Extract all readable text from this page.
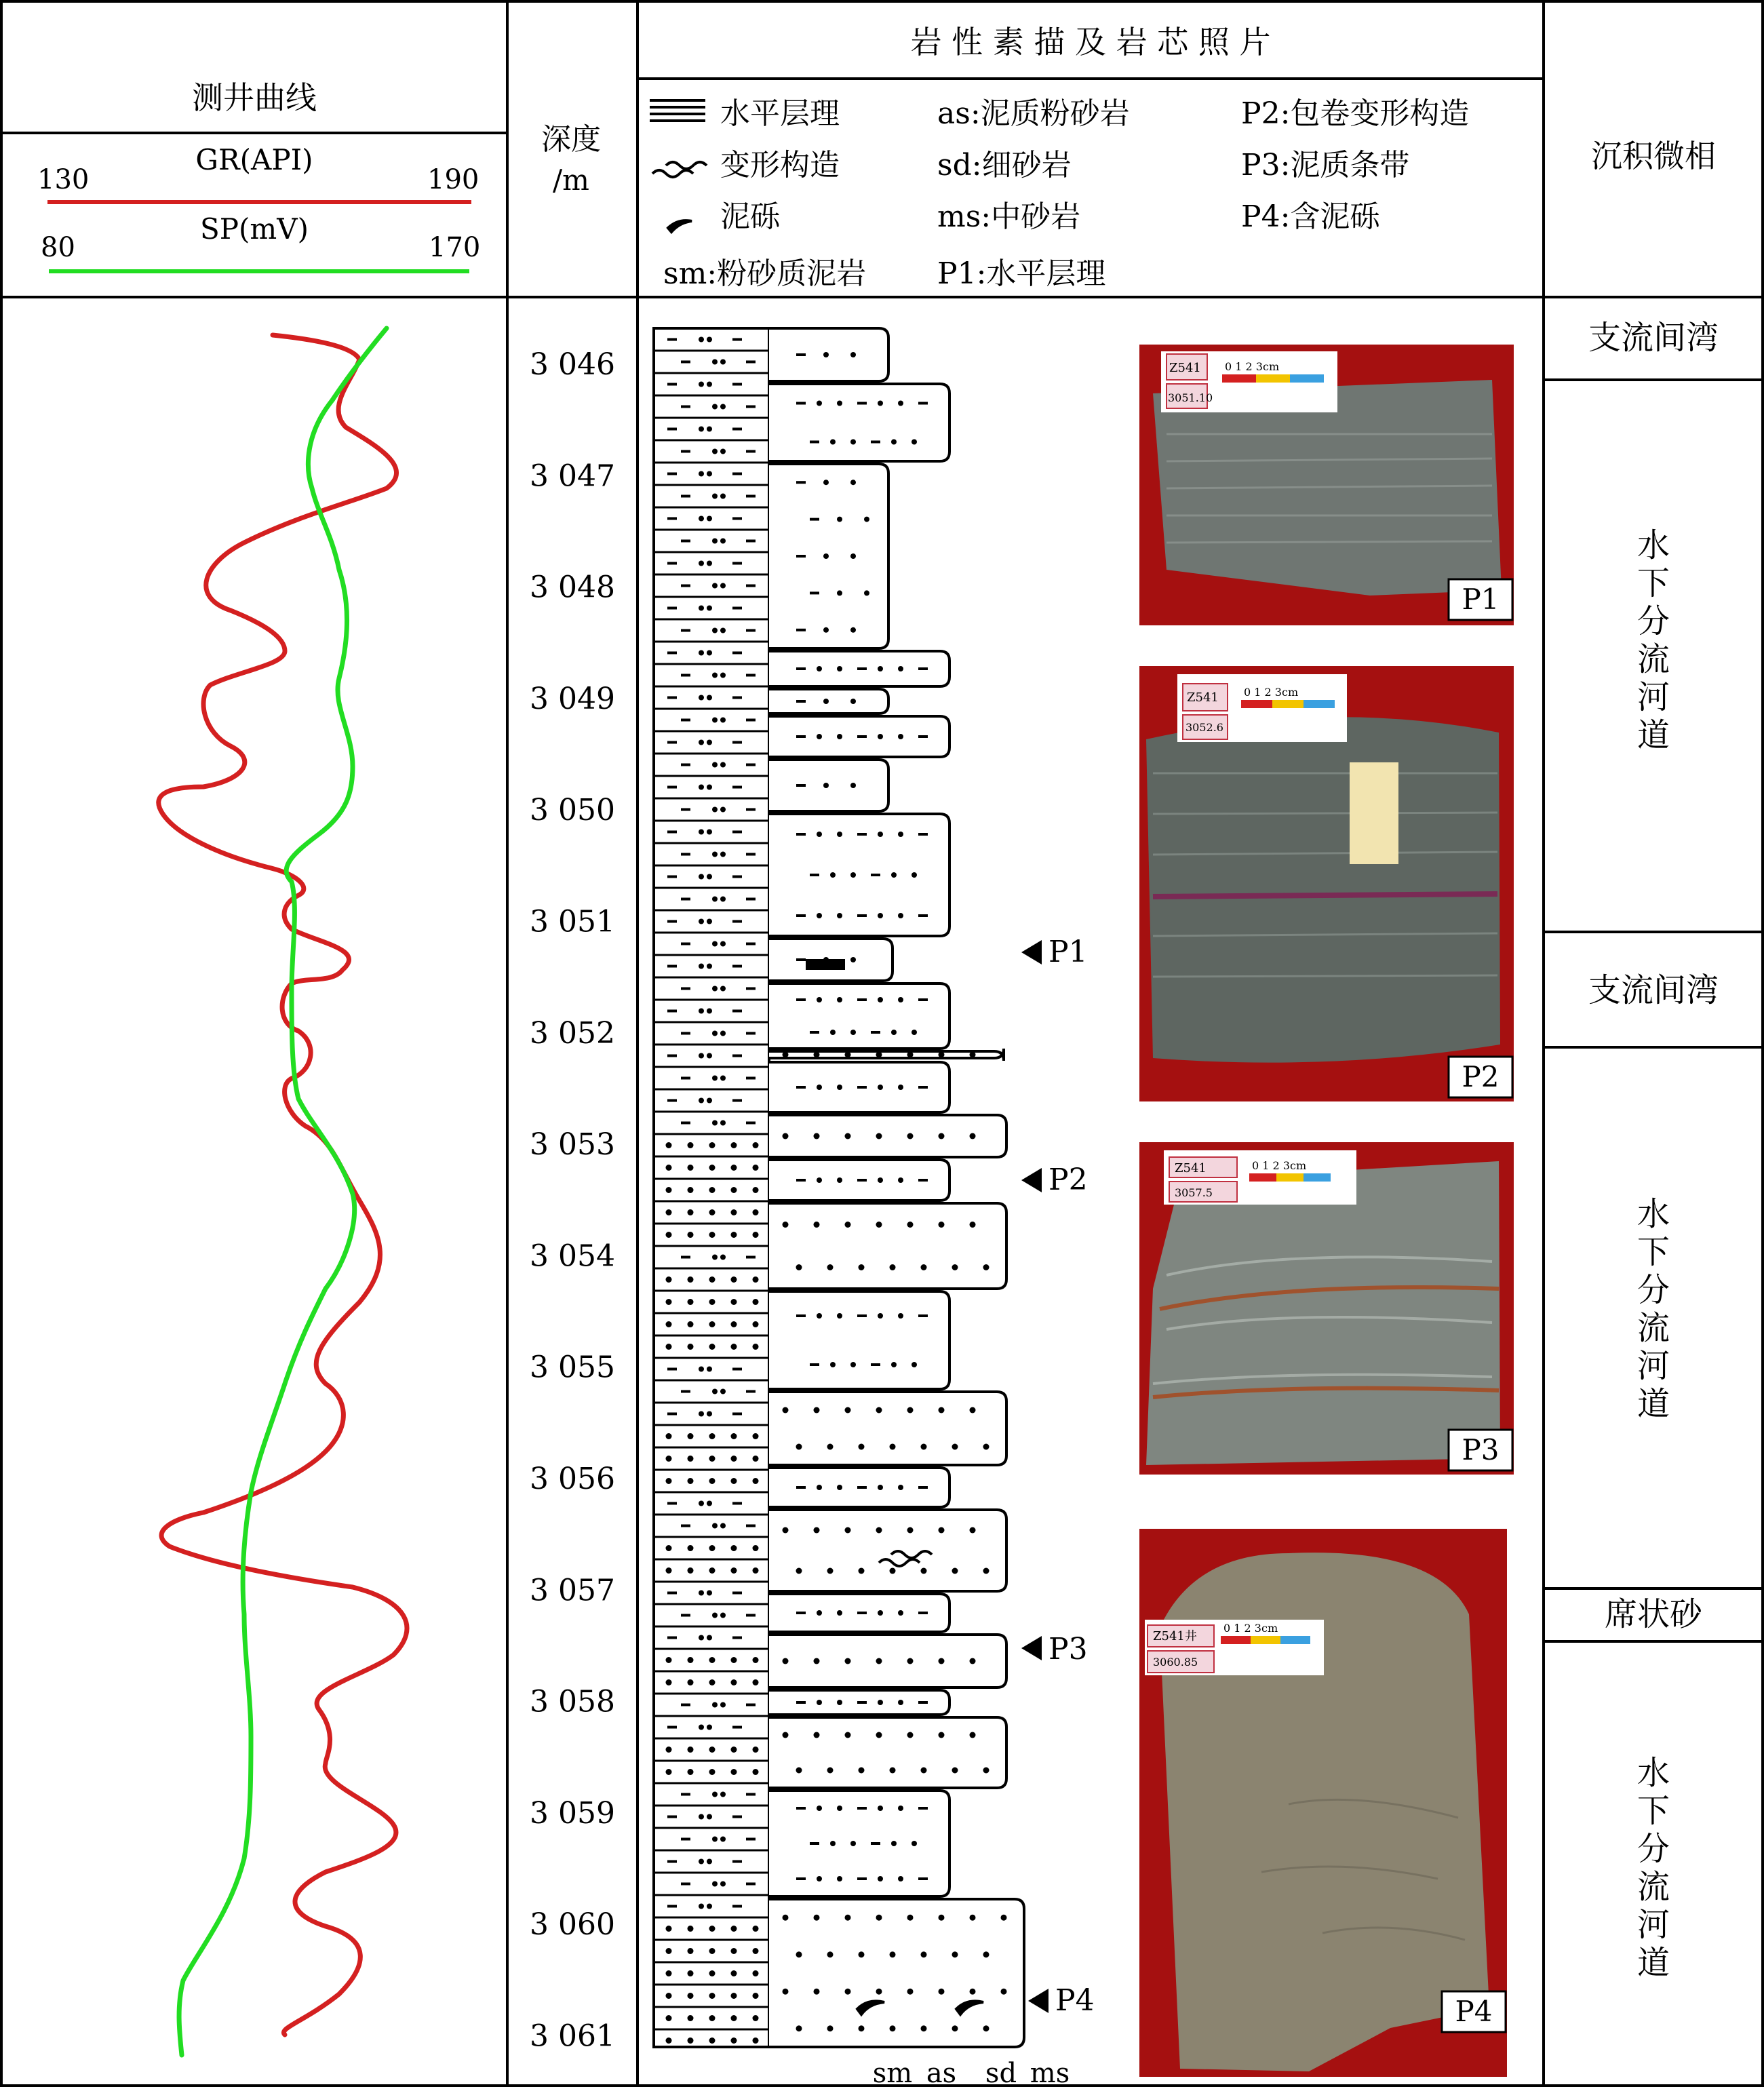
测井曲线
深度
/m
岩 性 素 描 及 岩 芯 照 片
沉积微相
GR(API)
130	190
SP(mV)
80	170
水平层理
变形构造
泥砾
sm:粉砂质泥岩
as:泥质粉砂岩
sd:细砂岩
ms:中砂岩
P1:水平层理
P2:包卷变形构造
P3:泥质条带
P4:含泥砾
3 046
3 047
3 048
3 049
3 050
3 051
3 052
3 053
3 054
3 055
3 056
3 057
3 058
3 059
3 060
3 061
sm as sd ms
P1
P2
P3
P4
Z541
3051.10
0 1 2 3cm
P1
Z541
3052.6
0 1 2 3cm
P2
Z541
3057.5
0 1 2 3cm
P3
Z541井
3060.85
0 1 2 3cm
P4
支流间湾
水下分流河道
支流间湾
水下分流河道
席状砂
水下分流河道
